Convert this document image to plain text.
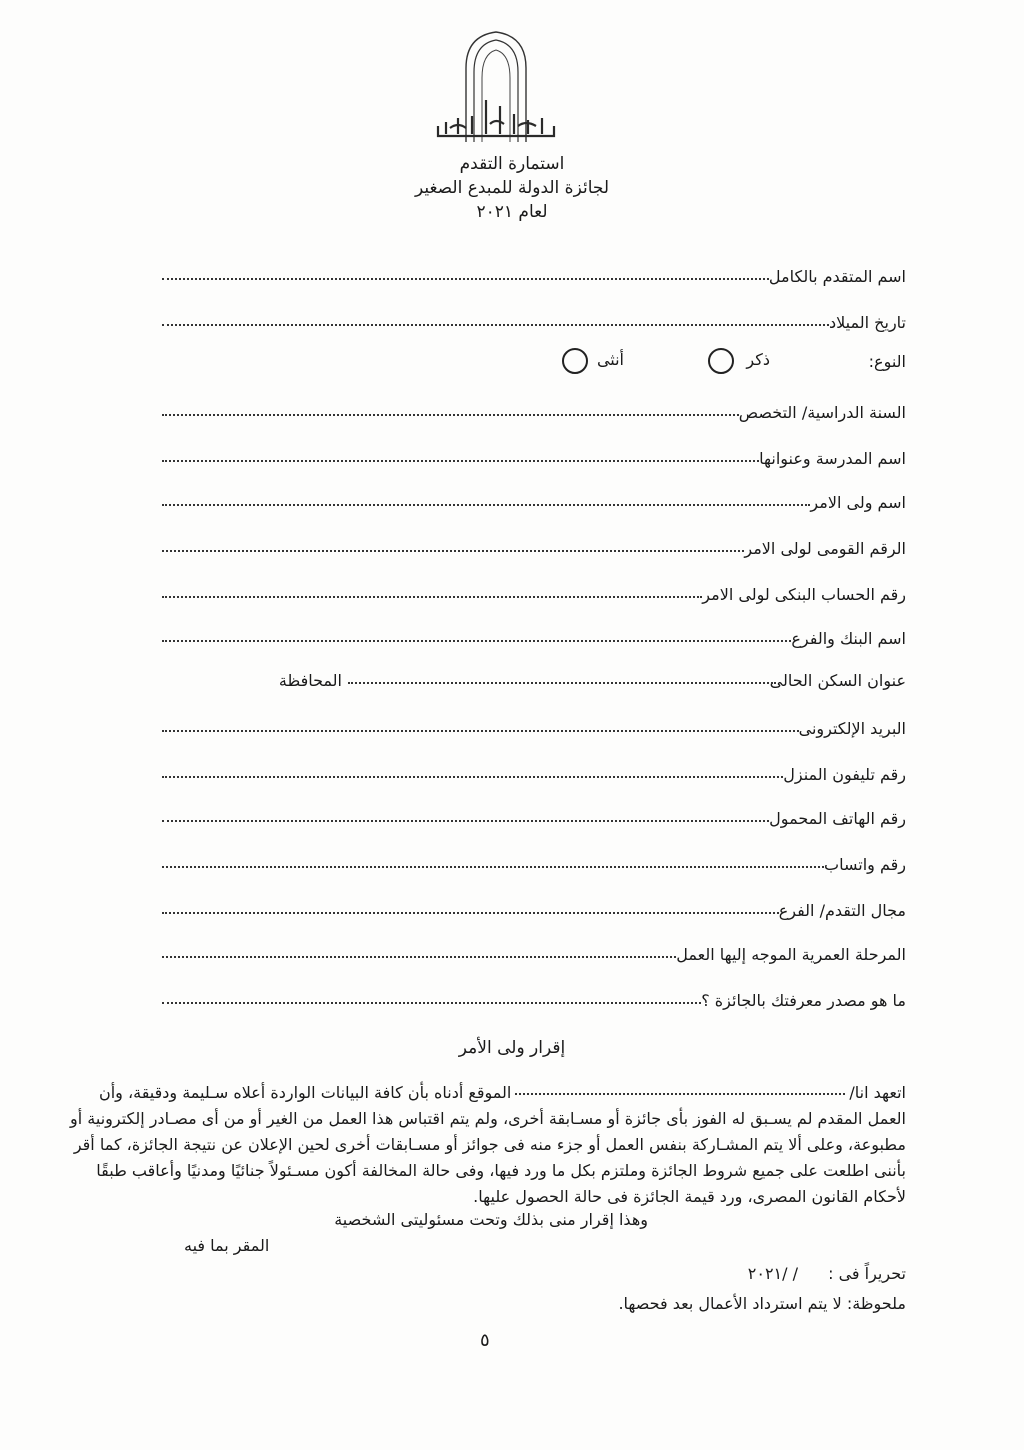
استمارة التقدم
لجائزة الدولة للمبدع الصغير
لعام ٢٠٢١
اسم المتقدم بالكامل
تاريخ الميلاد
النوع:
ذكر
أنثى
السنة الدراسية/ التخصص
اسم المدرسة وعنوانها
اسم ولى الامر
الرقم القومى لولى الامر
رقم الحساب البنكى لولى الامر
اسم البنك والفرع
عنوان السكن الحالى
المحافظة
البريد الإلكترونى
رقم تليفون المنزل
رقم الهاتف المحمول
رقم واتساب
مجال التقدم/ الفرع
المرحلة العمرية الموجه إليها العمل
ما هو مصدر معرفتك بالجائزة ؟
إقرار ولى الأمر
اتعهد انا/الموقع أدناه بأن كافة البيانات الواردة أعلاه سـليمة ودقيقة، وأن
العمل المقدم لم يسـبق له الفوز بأى جائزة أو مسـابقة أخرى، ولم يتم اقتباس هذا العمل من الغير أو من أى مصـادر إلكترونية أو
مطبوعة، وعلى ألا يتم المشـاركة بنفس العمل أو جزء منه فى جوائز أو مسـابقات أخرى لحين الإعلان عن نتيجة الجائزة، كما أقر
بأننى اطلعت على جميع شروط الجائزة وملتزم بكل ما ورد فيها، وفى حالة المخالفة أكون مسـئولاً جنائيًا ومدنيًا وأعاقب طبقًا
لأحكام القانون المصرى، ورد قيمة الجائزة فى حالة الحصول عليها.
وهذا إقرار منى بذلك وتحت مسئوليتى الشخصية
المقر بما فيه
تحريراً فى :
/ /٢٠٢١
ملحوظة: لا يتم استرداد الأعمال بعد فحصها.
٥
